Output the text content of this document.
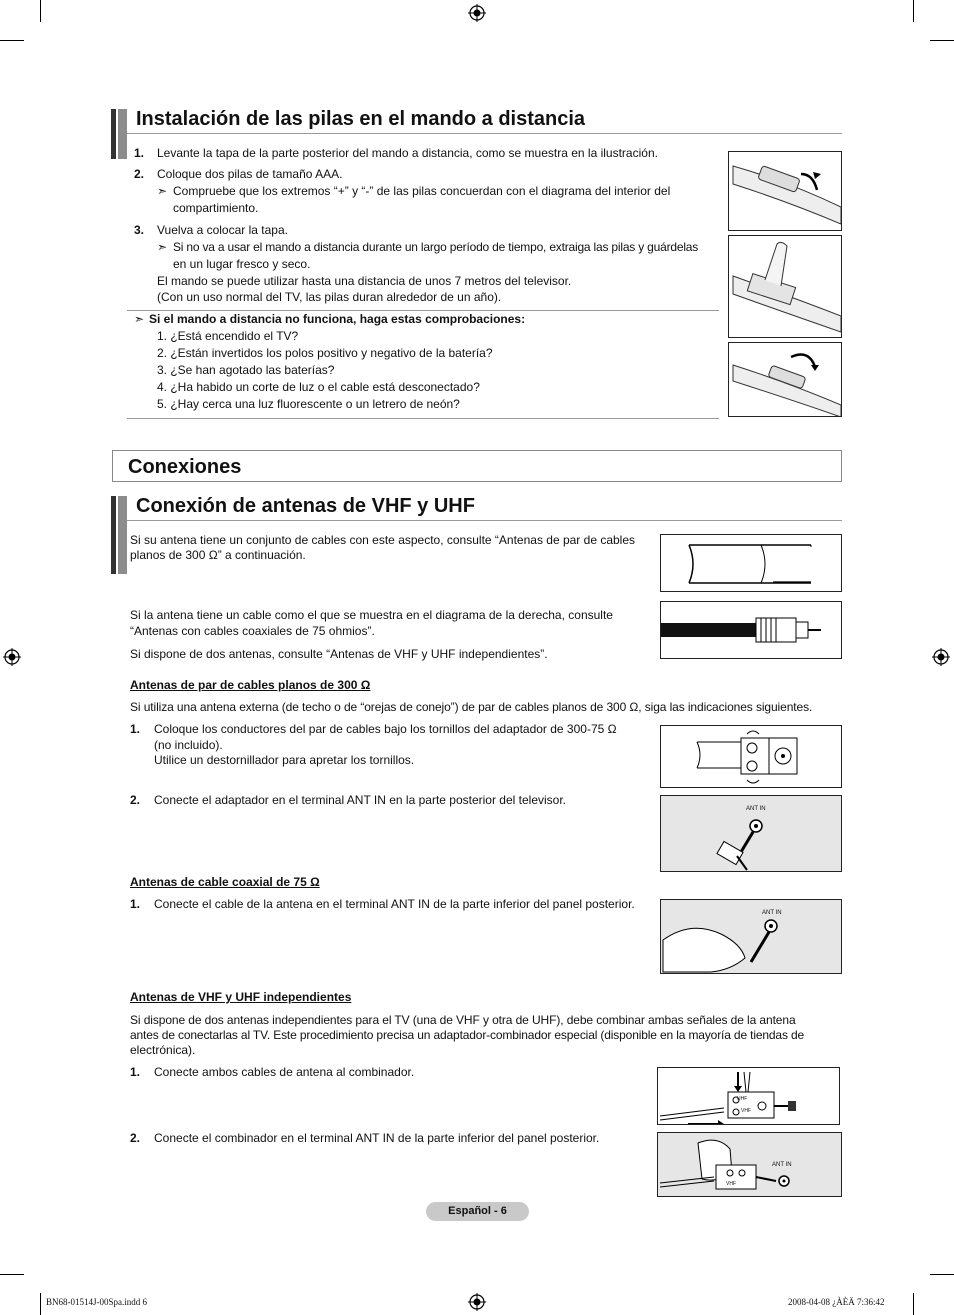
Instalación de las pilas en el mando a distancia
1. Levante la tapa de la parte posterior del mando a distancia, como se muestra en la ilustración.
2. Coloque dos pilas de tamaño AAA.
➣ Compruebe que los extremos “+” y “-” de las pilas concuerdan con el diagrama del interior del
compartimiento.
3. Vuelva a colocar la tapa.
➣ Si no va a usar el mando a distancia durante un largo período de tiempo, extraiga las pilas y guárdelas
en un lugar fresco y seco.
El mando se puede utilizar hasta una distancia de unos 7 metros del televisor.
(Con un uso normal del TV, las pilas duran alrededor de un año).
➣ Si el mando a distancia no funciona, haga estas comprobaciones:
1. ¿Está encendido el TV?
2. ¿Están invertidos los polos positivo y negativo de la batería?
3. ¿Se han agotado las baterías?
4. ¿Ha habido un corte de luz o el cable está desconectado?
5. ¿Hay cerca una luz fluorescente o un letrero de neón?
Conexiones
Conexión de antenas de VHF y UHF
Si su antena tiene un conjunto de cables con este aspecto, consulte “Antenas de par de cables
planos de 300 Ω” a continuación.
Si la antena tiene un cable como el que se muestra en el diagrama de la derecha, consulte
“Antenas con cables coaxiales de 75 ohmios”.
Si dispone de dos antenas, consulte “Antenas de VHF y UHF independientes”.
Antenas de par de cables planos de 300 Ω
Si utiliza una antena externa (de techo o de “orejas de conejo”) de par de cables planos de 300 Ω, siga las indicaciones siguientes.
1. Coloque los conductores del par de cables bajo los tornillos del adaptador de 300-75 Ω
(no incluido).
Utilice un destornillador para apretar los tornillos.
2. Conecte el adaptador en el terminal ANT IN en la parte posterior del televisor.
ANT IN
Antenas de cable coaxial de 75 Ω
1. Conecte el cable de la antena en el terminal ANT IN de la parte inferior del panel posterior.
ANT IN
Antenas de VHF y UHF independientes
Si dispone de dos antenas independientes para el TV (una de VHF y otra de UHF), debe combinar ambas señales de la antena
antes de conectarlas al TV. Este procedimiento precisa un adaptador-combinador especial (disponible en la mayoría de tiendas de
electrónica).
1. Conecte ambos cables de antena al combinador.
UHF
VHF
2. Conecte el combinador en el terminal ANT IN de la parte inferior del panel posterior.
ANT IN
VHF
Español - 6
BN68-01514J-00Spa.indd 6	2008-04-08 ¿ÀÈÄ 7:36:42
